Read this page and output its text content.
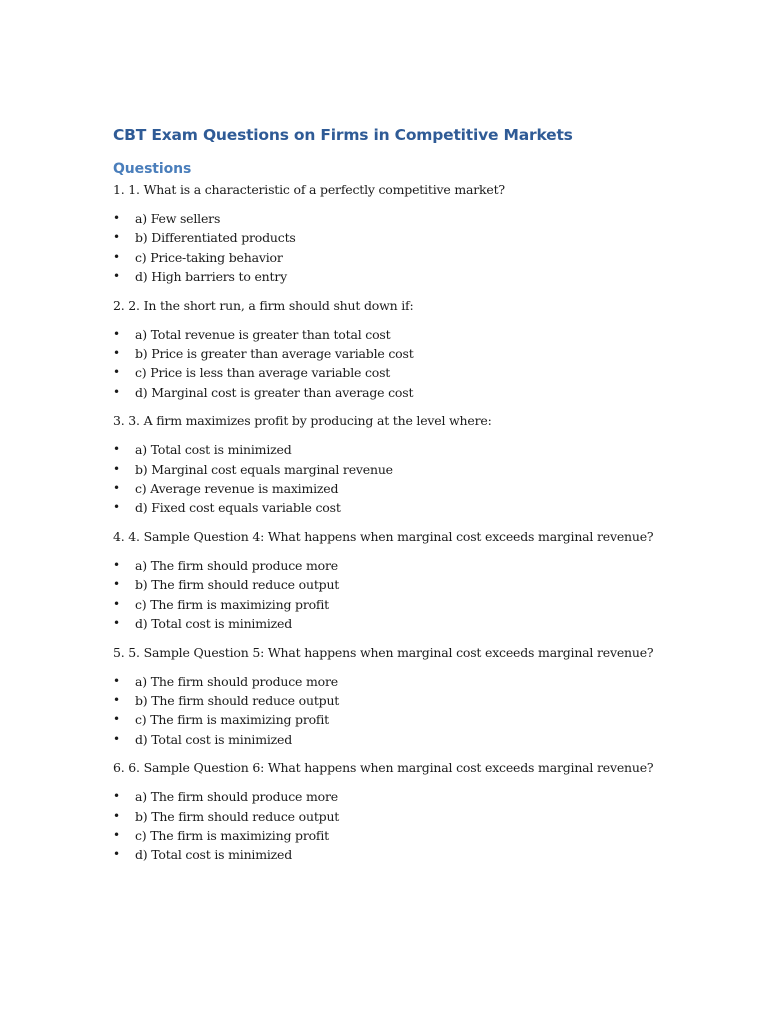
CBT Exam Questions on Firms in Competitive Markets
Questions

1. 1. What is a characteristic of a perfectly competitive market?

• a) Few sellers
• b) Differentiated products
• c) Price-taking behavior
• d) High barriers to entry

2. 2. In the short run, a firm should shut down if:

• a) Total revenue is greater than total cost
• b) Price is greater than average variable cost
• c) Price is less than average variable cost
• d) Marginal cost is greater than average cost

3. 3. A firm maximizes profit by producing at the level where:

• a) Total cost is minimized
• b) Marginal cost equals marginal revenue
• c) Average revenue is maximized
• d) Fixed cost equals variable cost

4. 4. Sample Question 4: What happens when marginal cost exceeds marginal revenue?

• a) The firm should produce more
• b) The firm should reduce output
• c) The firm is maximizing profit
• d) Total cost is minimized

5. 5. Sample Question 5: What happens when marginal cost exceeds marginal revenue?

• a) The firm should produce more
• b) The firm should reduce output
• c) The firm is maximizing profit
• d) Total cost is minimized

6. 6. Sample Question 6: What happens when marginal cost exceeds marginal revenue?

• a) The firm should produce more
• b) The firm should reduce output
• c) The firm is maximizing profit
• d) Total cost is minimized
